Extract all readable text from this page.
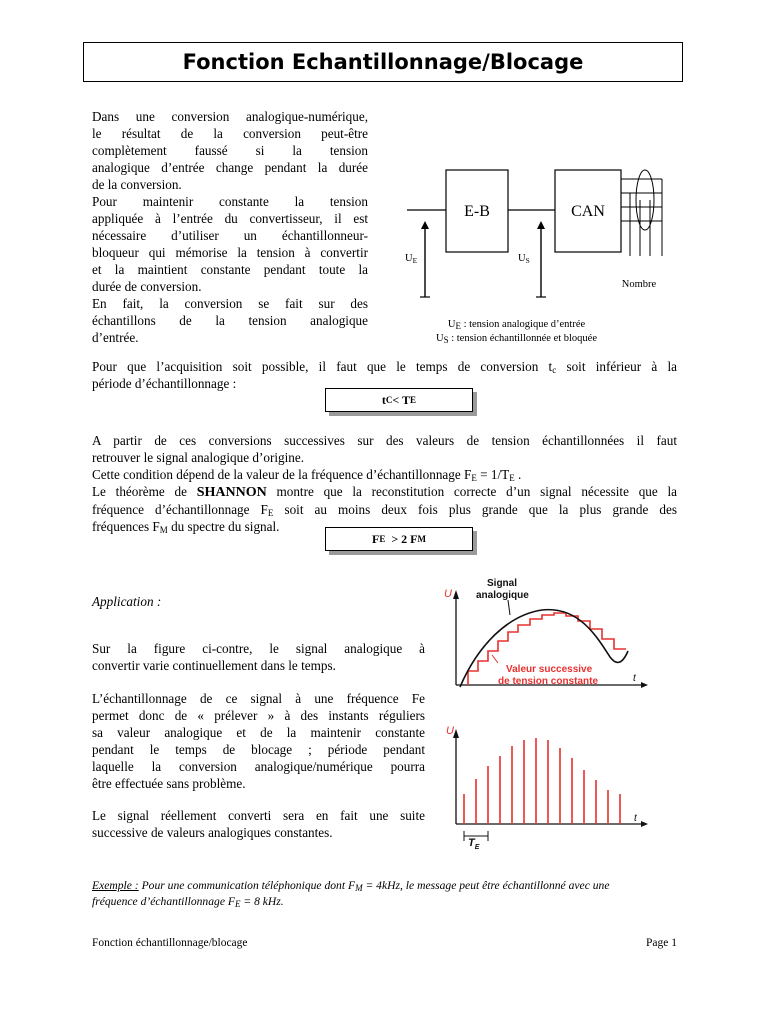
Fonction Echantillonnage/Blocage
Dans une conversion analogique-numérique,
le résultat de la conversion peut-être
complètement faussé si la tension
analogique d’entrée change pendant la durée
de la conversion.
Pour maintenir constante la tension
appliquée à l’entrée du convertisseur, il est
nécessaire d’utiliser un échantillonneur-
bloqueur qui mémorise la tension à convertir
et la maintient constante pendant toute la
durée de conversion.
En fait, la conversion se fait sur des
échantillons de la tension analogique
d’entrée.
E-B	CAN
Nombre
UE	US
$U_E$ : tension analogique d’entrée
$U_S$ : tension échantillonnée et bloquée
Pour que l’acquisition soit possible, il faut que le temps de conversion $t_c$ soit inférieur à la
période d’échantillonnage :
t C < T E
A partir de ces conversions successives sur des valeurs de tension échantillonnées il faut
retrouver le signal analogique d’origine.
Cette condition dépend de la valeur de la fréquence d’échantillonnage $F_E = 1/T_E$ .
Le théorème de SHANNON montre que la reconstitution correcte d’un signal nécessite que la
fréquence d’échantillonnage $F_E$ soit au moins deux fois plus grande que la plus grande des
fréquences $F_M$ du spectre du signal.
F E > 2 F M
Application :
Sur la figure ci-contre, le signal analogique à
convertir varie continuellement dans le temps.
L’échantillonnage de ce signal à une fréquence Fe
permet donc de « prélever » à des instants réguliers
sa valeur analogique et de la maintenir constante
pendant le temps de blocage ; période pendant
laquelle la conversion analogique/numérique pourra
être effectuée sans problème.
Le signal réellement converti sera en fait une suite
successive de valeurs analogiques constantes.
U
t
Signal
analogique
Valeur successive
de tension constante
U
t
$T_E$
Exemple : Pour une communication téléphonique dont $F_M = 4kHz$, le message peut être échantillonné avec une
fréquence d’échantillonnage $F_E = 8$ kHz.
Fonction échantillonnage/blocage	Page 1
